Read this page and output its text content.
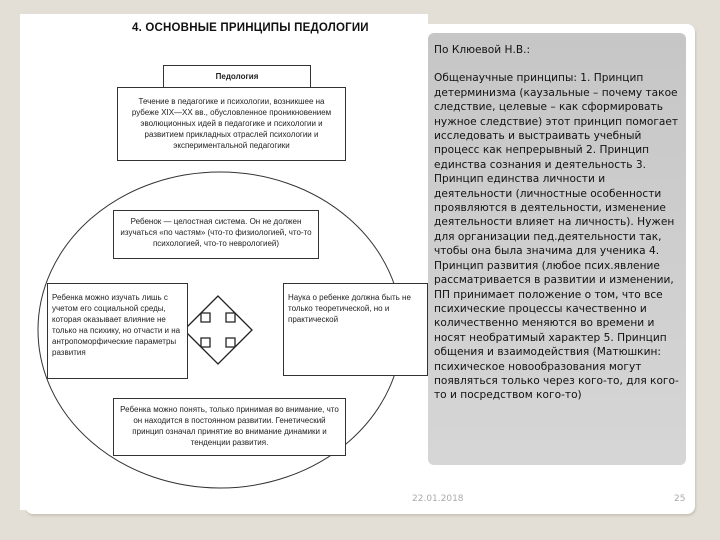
4. ОСНОВНЫЕ ПРИНЦИПЫ ПЕДОЛОГИИ
Педология
Течение в педагогике и психологии, возникшее на рубеже XIX—XX вв., обусловленное проникновением эволюционных идей в педагогике и психологии и развитием прикладных отраслей психологии и экспериментальной педагогики
Ребенок — целостная система. Он не должен изучаться «по частям» (что-то физиологией, что-то психологией, что-то неврологией)
Ребенка можно изучать лишь с учетом его социальной среды, которая оказывает влияние не только на психику, но отчасти и на антропоморфические параметры развития
Наука о ребенке должна быть не только теоретической, но и практической
Ребенка можно понять, только принимая во внимание, что он находится в постоянном развитии. Генетический принцип означал принятие во внимание динамики и тенденции развития.

По Клюевой Н.В.:

Общенаучные принципы: 1. Принцип детерминизма (каузальные – почему такое следствие, целевые – как сформировать нужное следствие) этот принцип помогает исследовать и выстраивать учебный процесс как непрерывный 2. Принцип единства сознания и деятельность 3. Принцип единства личности и деятельности (личностные особенности проявляются в деятельности, изменение деятельности влияет на личность). Нужен для организации пед.деятельности так, чтобы она была значима для ученика 4. Принцип развития (любое псих.явление рассматривается в развитии и изменении, ПП принимает положение о том, что все психические процессы качественно и количественно меняются во времени и носят необратимый характер 5. Принцип общения и взаимодействия (Матюшкин: психическое новообразования могут появляться только через кого-то, для кого-то и посредством кого-то)

22.01.2018	25
